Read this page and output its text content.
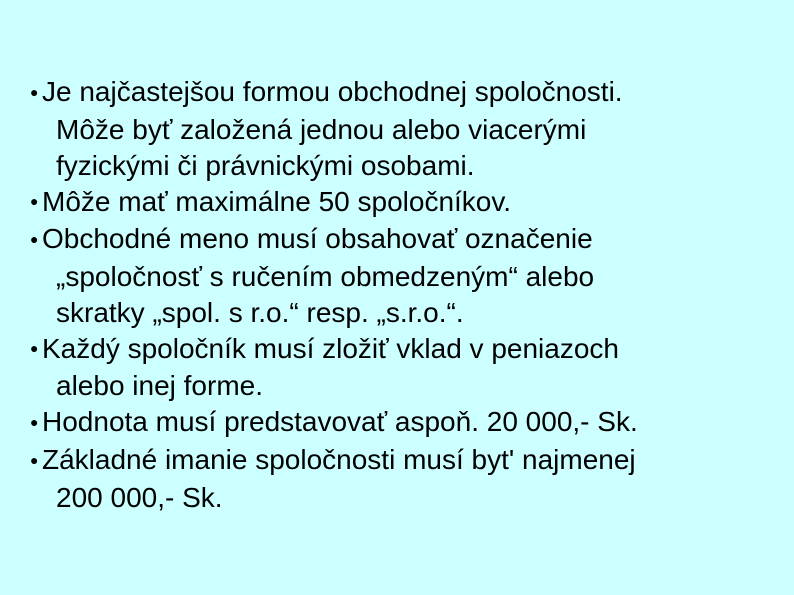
● Je najčastejšou formou obchodnej spoločnosti.
Môže byť založená jednou alebo viacerými
fyzickými či právnickými osobami.
● Môže mať maximálne 50 spoločníkov.
● Obchodné meno musí obsahovať označenie
„spoločnosť s ručením obmedzeným“ alebo
skratky „spol. s r.o.“ resp. „s.r.o.“.
● Každý spoločník musí zložiť vklad v peniazoch
alebo inej forme.
● Hodnota musí predstavovať aspoň. 20 000,- Sk.
● Základné imanie spoločnosti musí byt' najmenej
200 000,- Sk.
